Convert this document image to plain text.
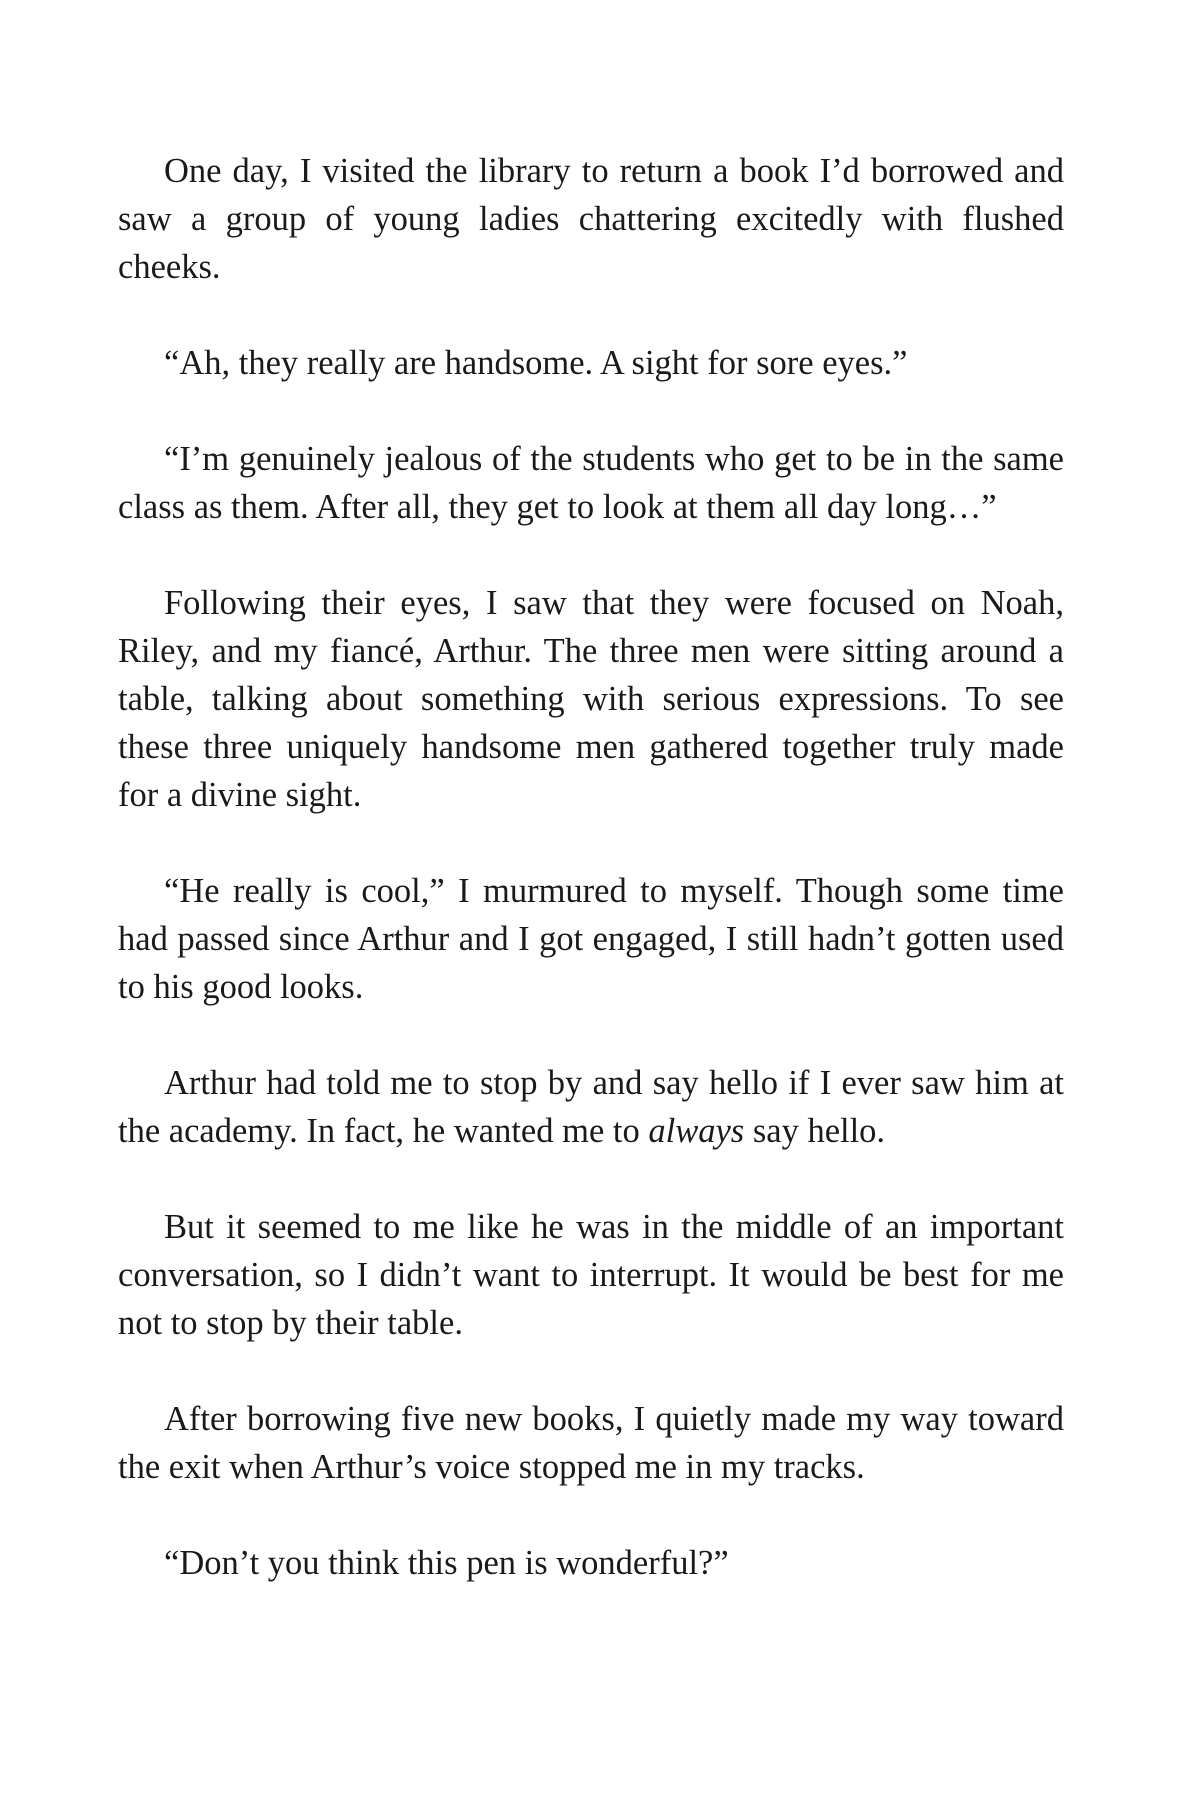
One day, I visited the library to return a book I’d borrowed and saw a group of young ladies chattering excitedly with flushed cheeks.

“Ah, they really are handsome. A sight for sore eyes.”

“I’m genuinely jealous of the students who get to be in the same class as them. After all, they get to look at them all day long…”

Following their eyes, I saw that they were focused on Noah, Riley, and my fiancé, Arthur. The three men were sitting around a table, talking about something with serious expressions. To see these three uniquely handsome men gathered together truly made for a divine sight.

“He really is cool,” I murmured to myself. Though some time had passed since Arthur and I got engaged, I still hadn’t gotten used to his good looks.

Arthur had told me to stop by and say hello if I ever saw him at the academy. In fact, he wanted me to always say hello.

But it seemed to me like he was in the middle of an important conversation, so I didn’t want to interrupt. It would be best for me not to stop by their table.

After borrowing five new books, I quietly made my way toward the exit when Arthur’s voice stopped me in my tracks.

“Don’t you think this pen is wonderful?”
